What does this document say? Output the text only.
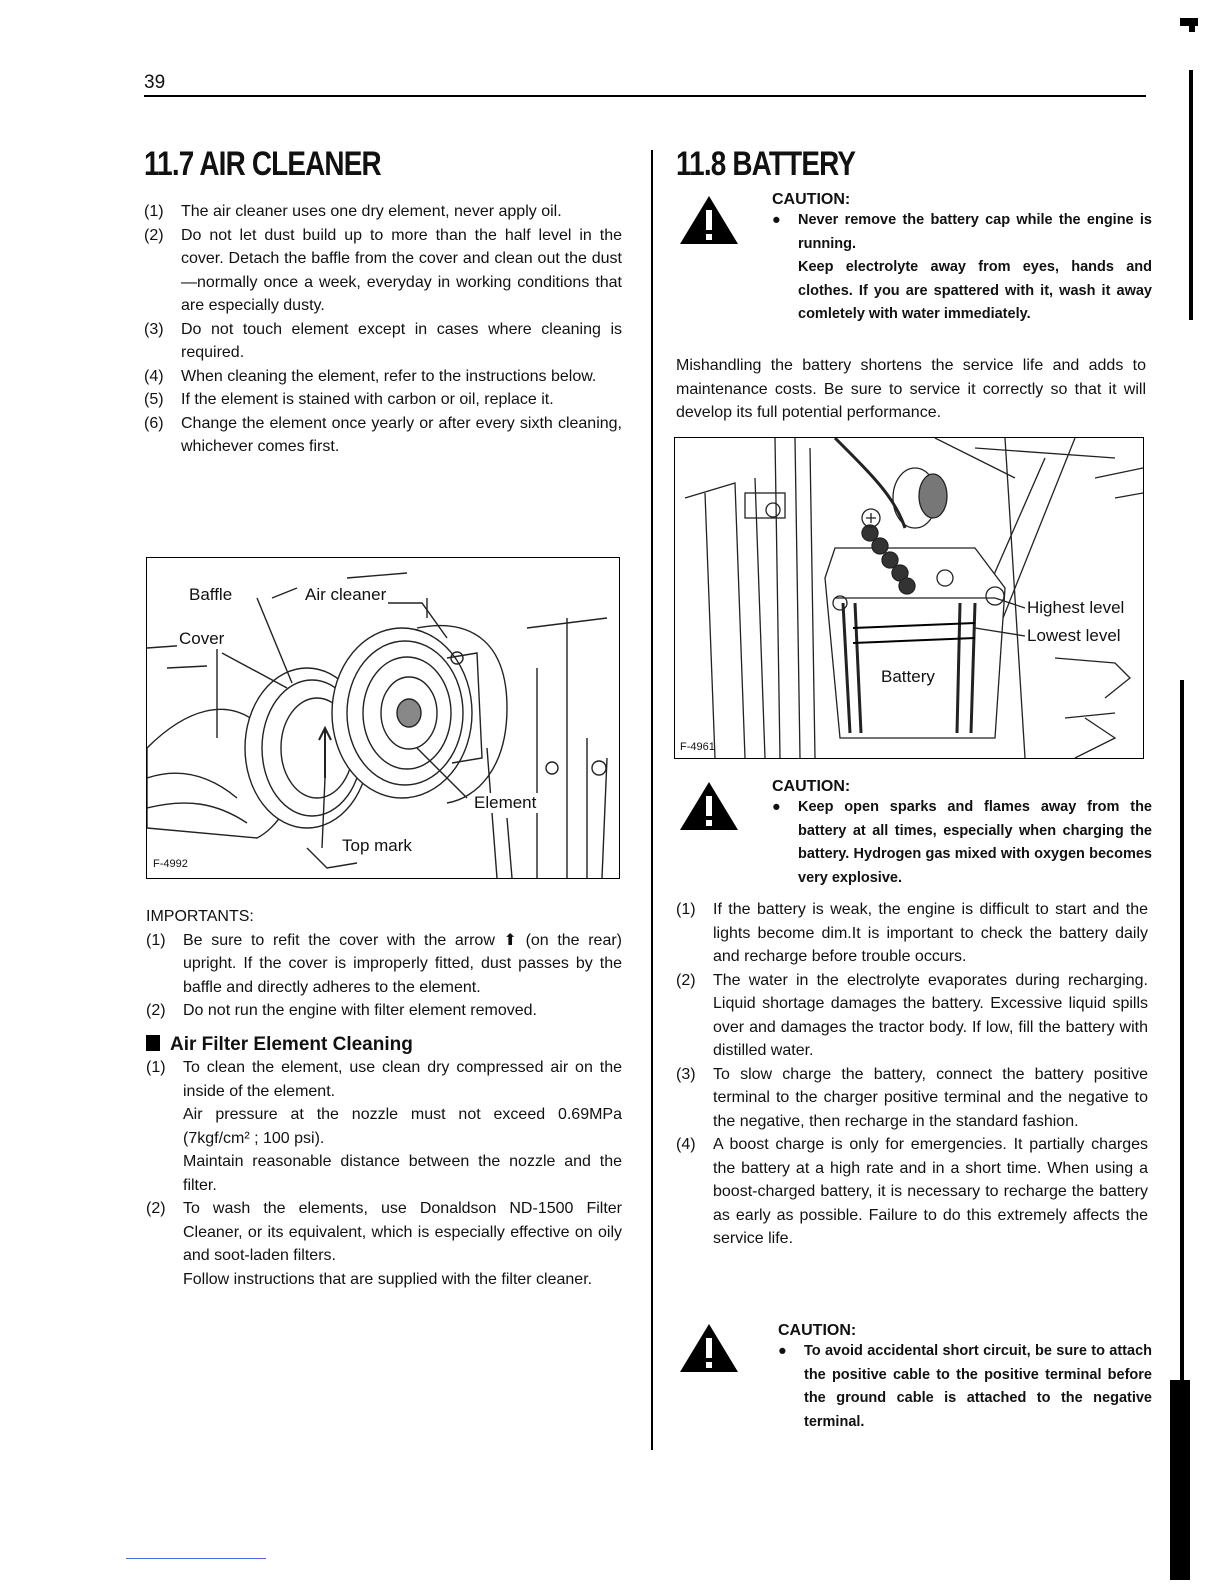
39
11.7 AIR CLEANER
(1)	The air cleaner uses one dry element, never apply oil.
(2)	Do not let dust build up to more than the half level in the cover. Detach the baffle from the cover and clean out the dust—normally once a week, everyday in working conditions that are especially dusty.
(3)	Do not touch element except in cases where cleaning is required.
(4)	When cleaning the element, refer to the instructions below.
(5)	If the element is stained with carbon or oil, replace it.
(6)	Change the element once yearly or after every sixth cleaning, whichever comes first.
Baffle	Air cleaner
Cover
Element
Top mark
F-4992
IMPORTANTS:
(1)	Be sure to refit the cover with the arrow ⬆ (on the rear) upright. If the cover is improperly fitted, dust passes by the baffle and directly adheres to the element.
(2)	Do not run the engine with filter element removed.
Air Filter Element Cleaning
(1)	To clean the element, use clean dry compressed air on the inside of the element.
Air pressure at the nozzle must not exceed 0.69MPa (7kgf/cm² ; 100 psi).
Maintain reasonable distance between the nozzle and the filter.
(2)	To wash the elements, use Donaldson ND-1500 Filter Cleaner, or its equivalent, which is especially effective on oily and soot-laden filters.
Follow instructions that are supplied with the filter cleaner.
11.8 BATTERY
CAUTION:
●	Never remove the battery cap while the engine is running.
Keep electrolyte away from eyes, hands and clothes. If you are spattered with it, wash it away comletely with water immediately.
Mishandling the battery shortens the service life and adds to maintenance costs. Be sure to service it correctly so that it will develop its full potential performance.
Highest level
Lowest level
Battery
F-4961
CAUTION:
●	Keep open sparks and flames away from the battery at all times, especially when charging the battery. Hydrogen gas mixed with oxygen becomes very explosive.
(1)	If the battery is weak, the engine is difficult to start and the lights become dim.It is important to check the battery daily and recharge before trouble occurs.
(2)	The water in the electrolyte evaporates during recharging. Liquid shortage damages the battery. Excessive liquid spills over and damages the tractor body. If low, fill the battery with distilled water.
(3)	To slow charge the battery, connect the battery positive terminal to the charger positive terminal and the negative to the negative, then recharge in the standard fashion.
(4)	A boost charge is only for emergencies. It partially charges the battery at a high rate and in a short time. When using a boost-charged battery, it is necessary to recharge the battery as early as possible. Failure to do this extremely affects the service life.
CAUTION:
●	To avoid accidental short circuit, be sure to attach the positive cable to the positive terminal before the ground cable is attached to the negative terminal.
